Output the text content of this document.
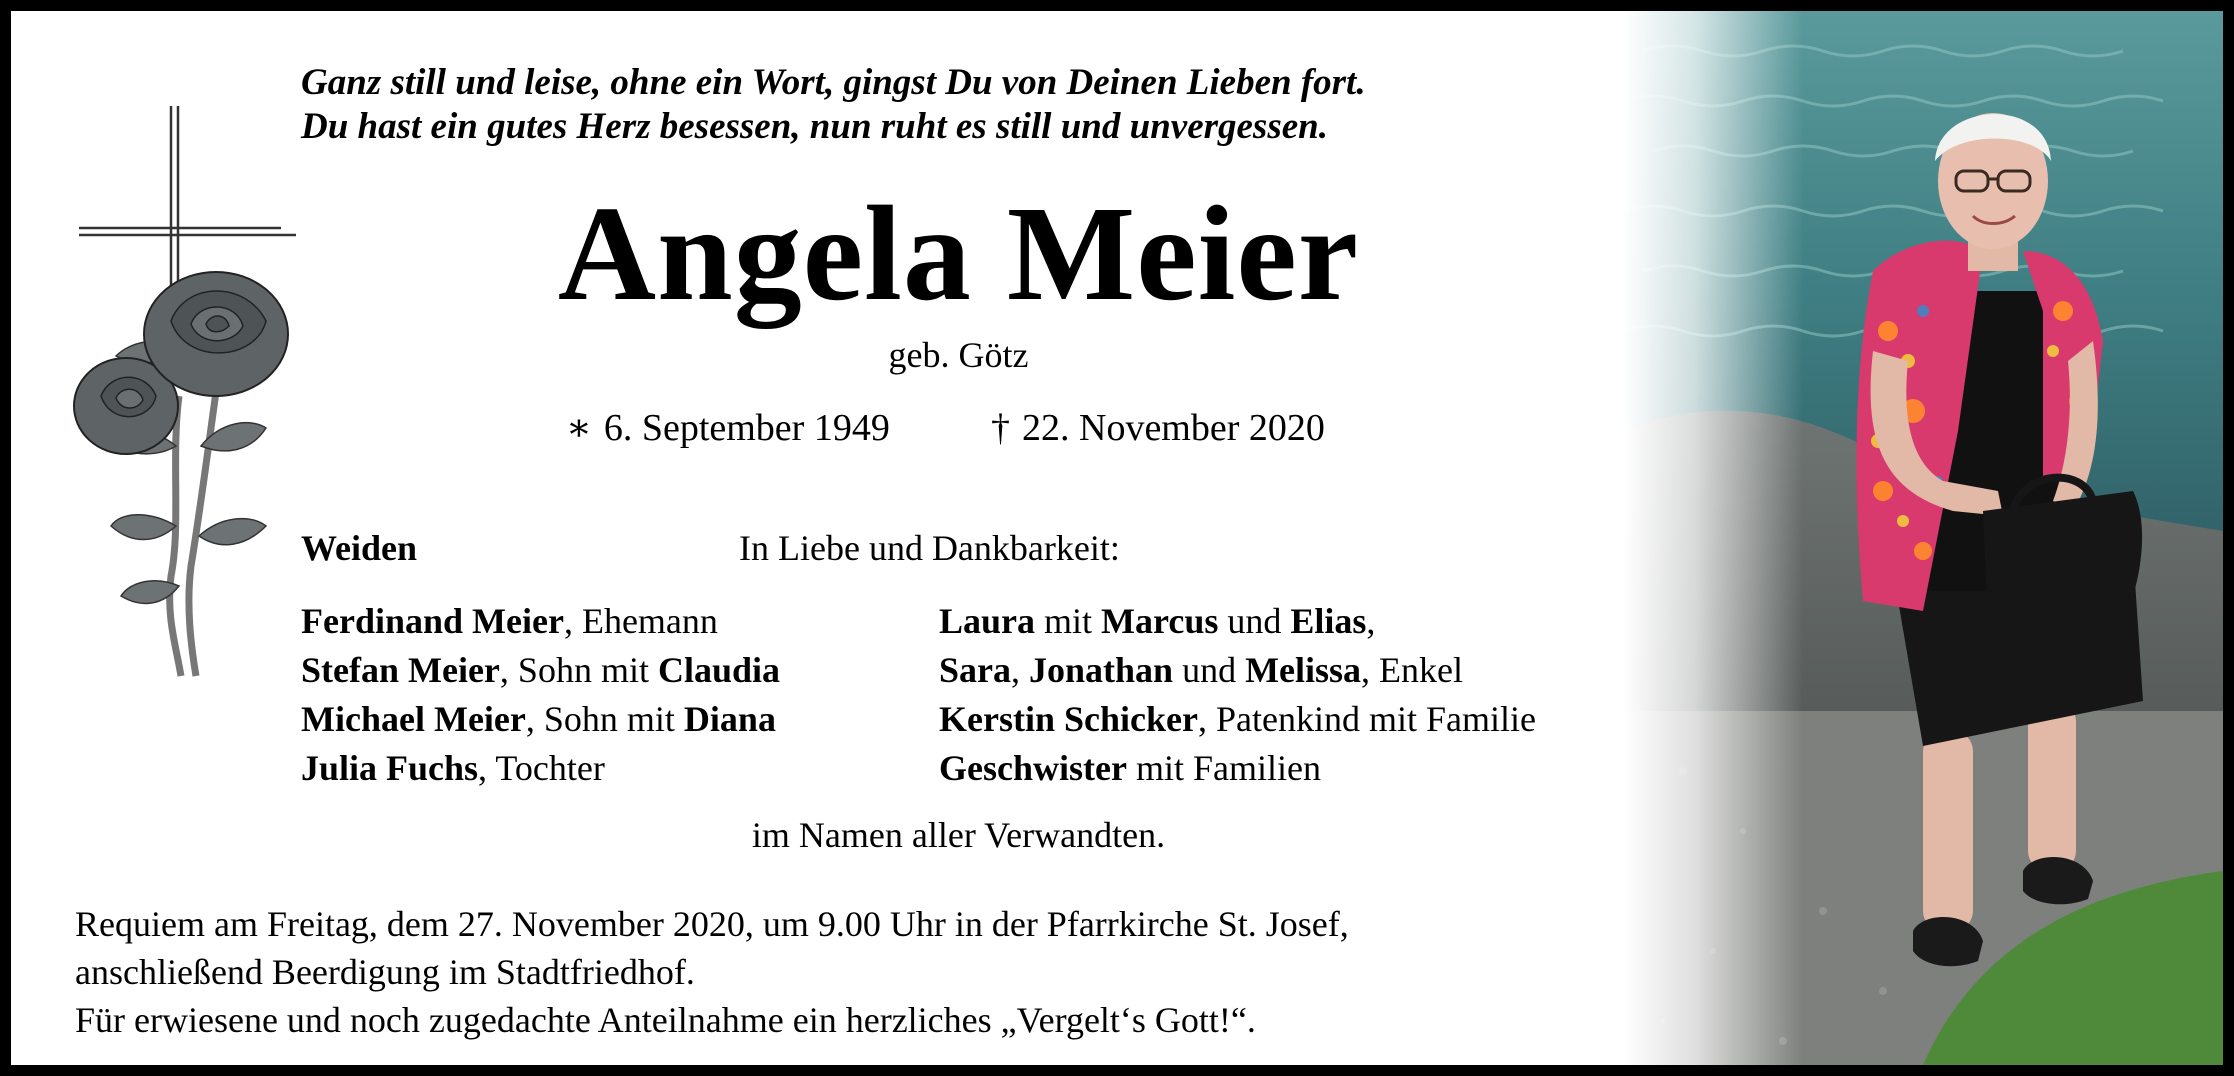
Ganz still und leise, ohne ein Wort, gingst Du von Deinen Lieben fort.
Du hast ein gutes Herz besessen, nun ruht es still und unvergessen.
Angela Meier
geb. Götz
∗ 6. September 1949	† 22. November 2020
Weiden	In Liebe und Dankbarkeit:
Ferdinand Meier, Ehemann
Stefan Meier, Sohn mit Claudia
Michael Meier, Sohn mit Diana
Julia Fuchs, Tochter
Laura mit Marcus und Elias,
Sara, Jonathan und Melissa, Enkel
Kerstin Schicker, Patenkind mit Familie
Geschwister mit Familien
im Namen aller Verwandten.
Requiem am Freitag, dem 27. November 2020, um 9.00 Uhr in der Pfarrkirche St. Josef,
anschließend Beerdigung im Stadtfriedhof.
Für erwiesene und noch zugedachte Anteilnahme ein herzliches „Vergelt‘s Gott!“.
